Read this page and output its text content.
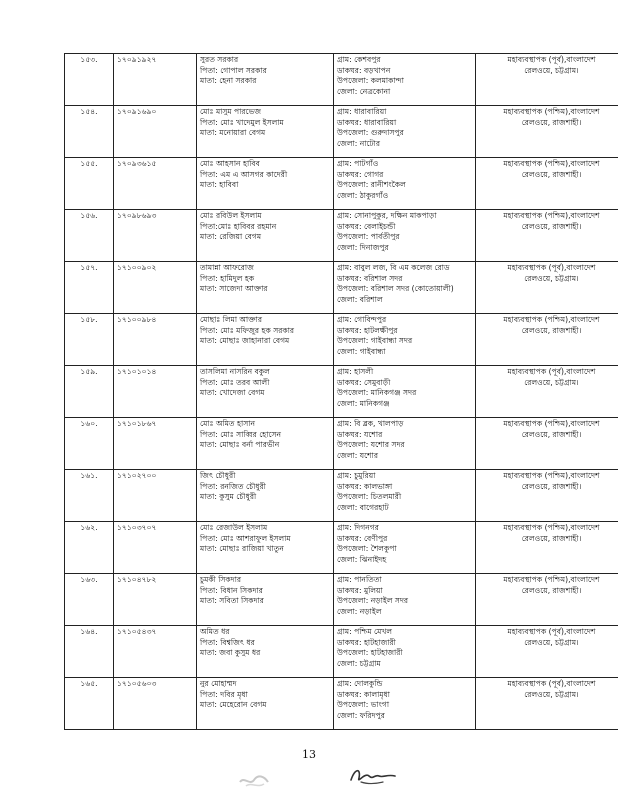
১৫৩.	১৭০৯১৯২৭	সুরত সরকার
পিতা: গোপাল সরকার
মাতা: হেনা সরকার	গ্রাম: কেশবপুর
ডাকঘর: বড়খাপন
উপজেলা: কলমাকান্দা
জেলা: নেত্রকোনা	মহাব্যবস্থাপক (পূর্ব),বাংলাদেশ
রেলওয়ে, চট্টগ্রাম।

১৫৪.	১৭০৯১৬৯০	মোঃ মাসুম পারভেজ
পিতা: মোঃ খাদেমুল ইসলাম
মাতা: মনোয়ারা বেগম	গ্রাম: ধারাবারিয়া
ডাকঘর: ধারাবারিয়া
উপজেলা: গুরুদাসপুর
জেলা: নাটোর	মহাব্যবস্থাপক (পশ্চিম),বাংলাদেশ
রেলওয়ে, রাজশাহী।

১৫৫.	১৭০৯৩৬১৫	মোঃ আহসান হাবিব
পিতা: এম এ আসগর কাদেরী
মাতা: হাবিবা	গ্রাম: পাটগাঁও
ডাকঘর: গোগর
উপজেলা: রানীশংকৈল
জেলা: ঠাকুরগাঁও	মহাব্যবস্থাপক (পশ্চিম),বাংলাদেশ
রেলওয়ে, রাজশাহী।

১৫৬.	১৭০৯৮৬৯৩	মোঃ রবিউল ইসলাম
পিতা:মোঃ হাবিবর রহমান
মাতা: রেজিয়া বেগম	গ্রাম: সোনাপুকুর, দক্ষিন মাকপাড়া
ডাকঘর: বেলাইচন্ডী
উপজেলা: পার্বতীপুর
জেলা: দিনাজপুর	মহাব্যবস্থাপক (পশ্চিম),বাংলাদেশ
রেলওয়ে, রাজশাহী।

১৫৭.	১৭১০০৯০২	তামান্না আফরোজ
পিতা: হামিদুল হক
মাতা: সাজেদা আক্তার	গ্রাম: বাবুল লজ, বি এম কলেজ রোড
ডাকঘর: বরিশাল সদর
উপজেলা: বরিশাল সদর (কোতোয়ালী)
জেলা: বরিশাল	মহাব্যবস্থাপক (পূর্ব),বাংলাদেশ
রেলওয়ে, চট্টগ্রাম।

১৫৮.	১৭১০০৯৮৪	মোছাঃ লিমা আক্তার
পিতা: মোঃ মফিজুর হক সরকার
মাতা: মোছাঃ জাহানারা বেগম	গ্রাম: গোবিন্দপুর
ডাকঘর: হাটলক্ষীপুর
উপজেলা: গাইবান্ধা সদর
জেলা: গাইবান্ধা	মহাব্যবস্থাপক (পশ্চিম),বাংলাদেশ
রেলওয়ে, রাজশাহী।

১৫৯.	১৭১০১০১৪	তাসলিমা নাসরিন বকুল
পিতা: মোঃ তরব আলী
মাতা: খোদেজা বেগম	গ্রাম: হাসলী
ডাকঘর: সেমুবাড়ী
উপজেলা: মানিকগঞ্জ সদর
জেলা: মানিকগঞ্জ	মহাব্যবস্থাপক (পূর্ব),বাংলাদেশ
রেলওয়ে, চট্টগ্রাম।

১৬০.	১৭১০১৮৬৭	মোঃ অমিত হাসান
পিতা: মোঃ সাব্বির হোসেন
মাতা: মোছাঃ বর্না পারভীন	গ্রাম: বি ব্লক, খালপাড়
ডাকঘর: যশোর
উপজেলা: যশোর সদর
জেলা: যশোর	মহাব্যবস্থাপক (পশ্চিম),বাংলাদেশ
রেলওয়ে, রাজশাহী।

১৬১.	১৭১০২৭০০	জিৎ চৌধুরী
পিতা: রনজিত চৌধুরী
মাতা: কুসুম চৌধুরী	গ্রাম: চুমুরিয়া
ডাকঘর: কালভাঙ্গা
উপজেলা: চিতলমারী
জেলা: বাগেরহাট	মহাব্যবস্থাপক (পশ্চিম),বাংলাদেশ
রেলওয়ে, রাজশাহী।

১৬২.	১৭১০৩৭০৭	মোঃ রেজাউল ইসলাম
পিতা: মোঃ আশরাফুল ইসলাম
মাতা: মোছাঃ রাজিয়া খাতুন	গ্রাম: দিগনগর
ডাকঘর: বেণীপুর
উপজেলা: শৈলকুপা
জেলা: ঝিনাইদহ	মহাব্যবস্থাপক (পশ্চিম),বাংলাদেশ
রেলওয়ে, রাজশাহী।

১৬৩.	১৭১০৪৭৮২	চুমকী সিকদার
পিতা: বিধান সিকদার
মাতা: সবিতা সিকদার	গ্রাম: পানতিতা
ডাকঘর: মুলিয়া
উপজেলা: নড়াইল সদর
জেলা: নড়াইল	মহাব্যবস্থাপক (পশ্চিম),বাংলাদেশ
রেলওয়ে, রাজশাহী।

১৬৪.	১৭১০৫৪৩৭	অমিত ধর
পিতা: বিশ্বজিৎ ধর
মাতা: জবা কুসুম ধর	গ্রাম: পশ্চিম মেখল
ডাকঘর: হাটহাজারী
উপজেলা: হাটহাজারী
জেলা: চট্টগ্রাম	মহাব্যবস্থাপক (পূর্ব),বাংলাদেশ
রেলওয়ে, চট্টগ্রাম।

১৬৫.	১৭১০৫৬০৩	নুর মোহাম্মদ
পিতা: দবির মৃধা
মাতা: মেহেরোন বেগম	গ্রাম: দোলকুন্ডি
ডাকঘর: কালামৃধা
উপজেলা: ভাংগা
জেলা: ফরিদপুর	মহাব্যবস্থাপক (পূর্ব),বাংলাদেশ
রেলওয়ে, চট্টগ্রাম।
13
